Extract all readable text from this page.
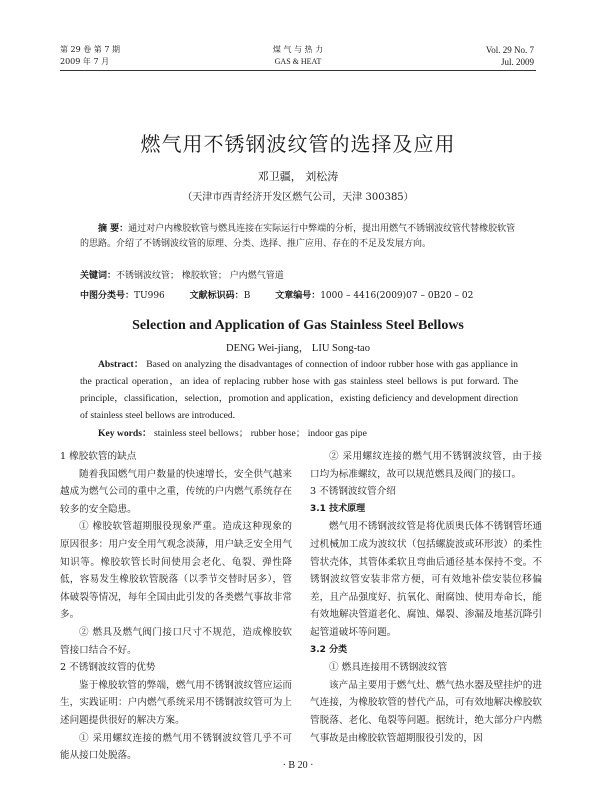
第 29 卷 第 7 期
2009 年 7 月
煤 气 与 热 力
GAS & HEAT
Vol. 29 No. 7
Jul. 2009
燃气用不锈钢波纹管的选择及应用
邓卫疆， 刘松涛
（天津市西青经济开发区燃气公司，天津 300385）
摘 要：通过对户内橡胶软管与燃具连接在实际运行中弊端的分析，提出用燃气不锈钢波纹管代替橡胶软管的思路。介绍了不锈钢波纹管的原理、分类、选择、推广应用、存在的不足及发展方向。
关键词：不锈钢波纹管； 橡胶软管； 户内燃气管道
中图分类号：TU996	文献标识码：B	文章编号：1000 – 4416(2009)07 – 0B20 – 02
Selection and Application of Gas Stainless Steel Bellows
DENG Wei-jiang， LIU Song-tao
Abstract： Based on analyzing the disadvantages of connection of indoor rubber hose with gas appliance in the practical operation，an idea of replacing rubber hose with gas stainless steel bellows is put forward. The principle，classification，selection，promotion and application，existing deficiency and development direction of stainless steel bellows are introduced.
Key words： stainless steel bellows； rubber hose； indoor gas pipe

1 橡胶软管的缺点

随着我国燃气用户数量的快速增长，安全供气越来越成为燃气公司的重中之重，传统的户内燃气系统存在较多的安全隐患。

① 橡胶软管超期服役现象严重。造成这种现象的原因很多：用户安全用气观念淡薄，用户缺乏安全用气知识等。橡胶软管长时间使用会老化、龟裂、弹性降低，容易发生橡胶软管脱落（以季节交替时居多），管体破裂等情况，每年全国由此引发的各类燃气事故非常多。

② 燃具及燃气阀门接口尺寸不规范，造成橡胶软管接口结合不好。

2 不锈钢波纹管的优势

鉴于橡胶软管的弊端，燃气用不锈钢波纹管应运而生，实践证明：户内燃气系统采用不锈钢波纹管可为上述问题提供很好的解决方案。

① 采用螺纹连接的燃气用不锈钢波纹管几乎不可能从接口处脱落。

② 采用螺纹连接的燃气用不锈钢波纹管，由于接口均为标准螺纹，故可以规范燃具及阀门的接口。

3 不锈钢波纹管介绍

3.1 技术原理

燃气用不锈钢波纹管是将优质奥氏体不锈钢管坯通过机械加工成为波纹状（包括螺旋波或环形波）的柔性管状壳体，其管体柔软且弯曲后通径基本保持不变。不锈钢波纹管安装非常方便，可有效地补偿安装位移偏差，且产品强度好、抗氧化、耐腐蚀、使用寿命长，能有效地解决管道老化、腐蚀、爆裂、渗漏及地基沉降引起管道破坏等问题。

3.2 分类

① 燃具连接用不锈钢波纹管

该产品主要用于燃气灶、燃气热水器及壁挂炉的进气连接，为橡胶软管的替代产品，可有效地解决橡胶软管脱落、老化、龟裂等问题。据统计，绝大部分户内燃气事故是由橡胶软管超期服役引发的，因

· B 20 ·
